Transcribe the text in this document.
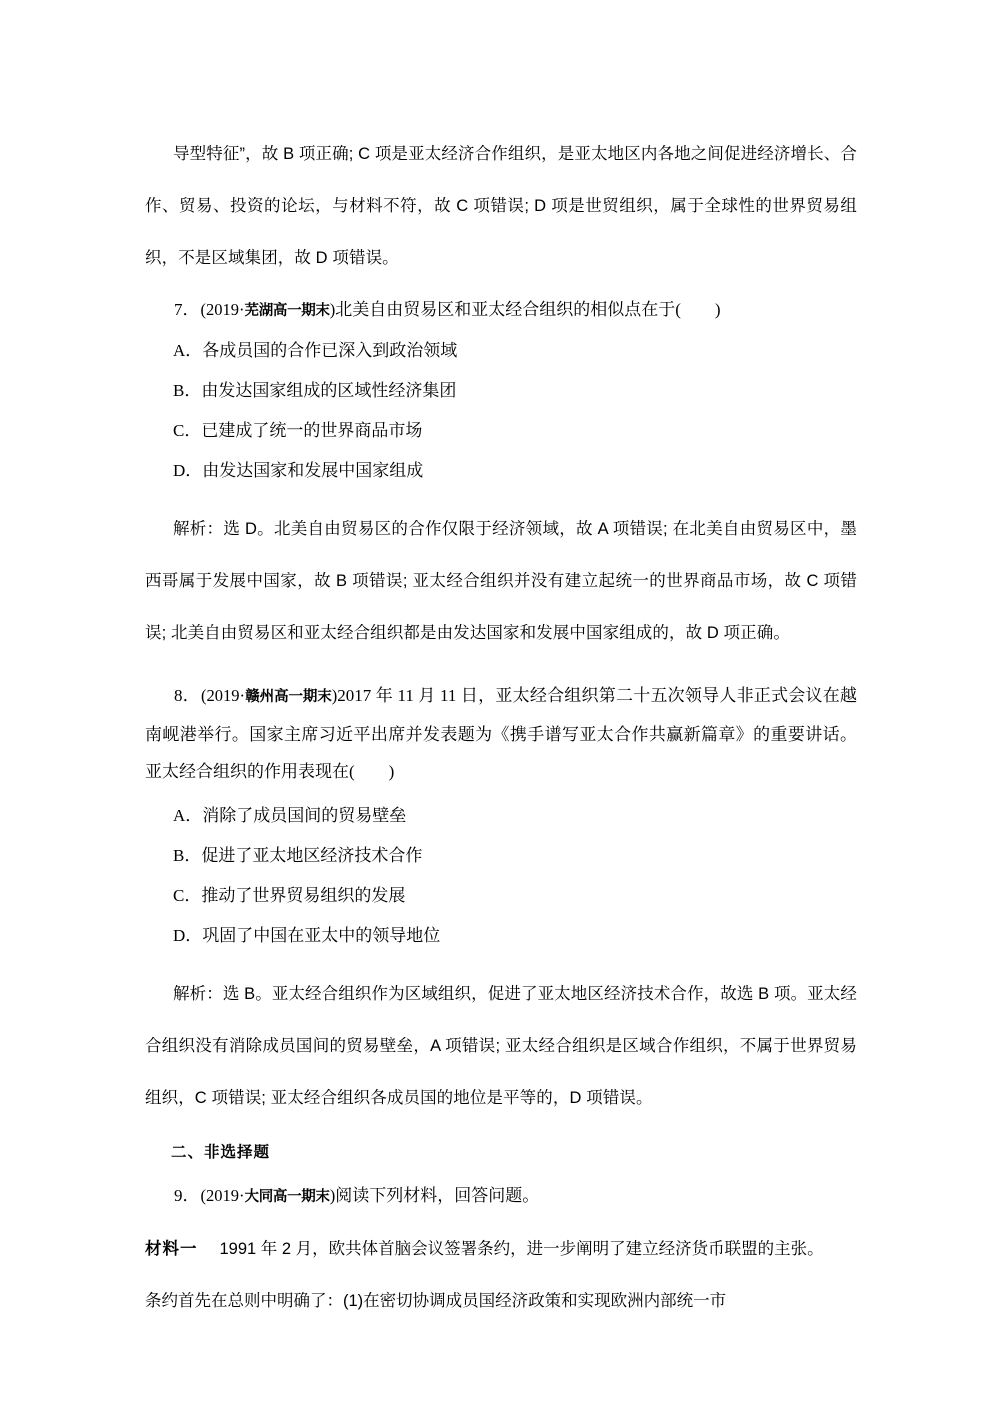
导型特征”，故 B 项正确; C 项是亚太经济合作组织，是亚太地区内各地之间促进经济增长、合作、贸易、投资的论坛，与材料不符，故 C 项错误; D 项是世贸组织，属于全球性的世界贸易组织，不是区域集团，故 D 项错误。

7．(2019·芜湖高一期末)北美自由贸易区和亚太经合组织的相似点在于( )

A．各成员国的合作已深入到政治领域

B．由发达国家组成的区域性经济集团

C．已建成了统一的世界商品市场

D．由发达国家和发展中国家组成

解析：选 D。北美自由贸易区的合作仅限于经济领域，故 A 项错误; 在北美自由贸易区中，墨西哥属于发展中国家，故 B 项错误; 亚太经合组织并没有建立起统一的世界商品市场，故 C 项错误; 北美自由贸易区和亚太经合组织都是由发达国家和发展中国家组成的，故 D 项正确。

8．(2019·赣州高一期末)2017 年 11 月 11 日，亚太经合组织第二十五次领导人非正式会议在越南岘港举行。国家主席习近平出席并发表题为《携手谱写亚太合作共赢新篇章》的重要讲话。亚太经合组织的作用表现在( )

A．消除了成员国间的贸易壁垒

B．促进了亚太地区经济技术合作

C．推动了世界贸易组织的发展

D．巩固了中国在亚太中的领导地位

解析：选 B。亚太经合组织作为区域组织，促进了亚太地区经济技术合作，故选 B 项。亚太经合组织没有消除成员国间的贸易壁垒，A 项错误; 亚太经合组织是区域合作组织，不属于世界贸易组织，C 项错误; 亚太经合组织各成员国的地位是平等的，D 项错误。

二、非选择题

9．(2019·大同高一期末)阅读下列材料，回答问题。

材料一 1991 年 2 月，欧共体首脑会议签署条约，进一步阐明了建立经济货币联盟的主张。

条约首先在总则中明确了：(1)在密切协调成员国经济政策和实现欧洲内部统一市
